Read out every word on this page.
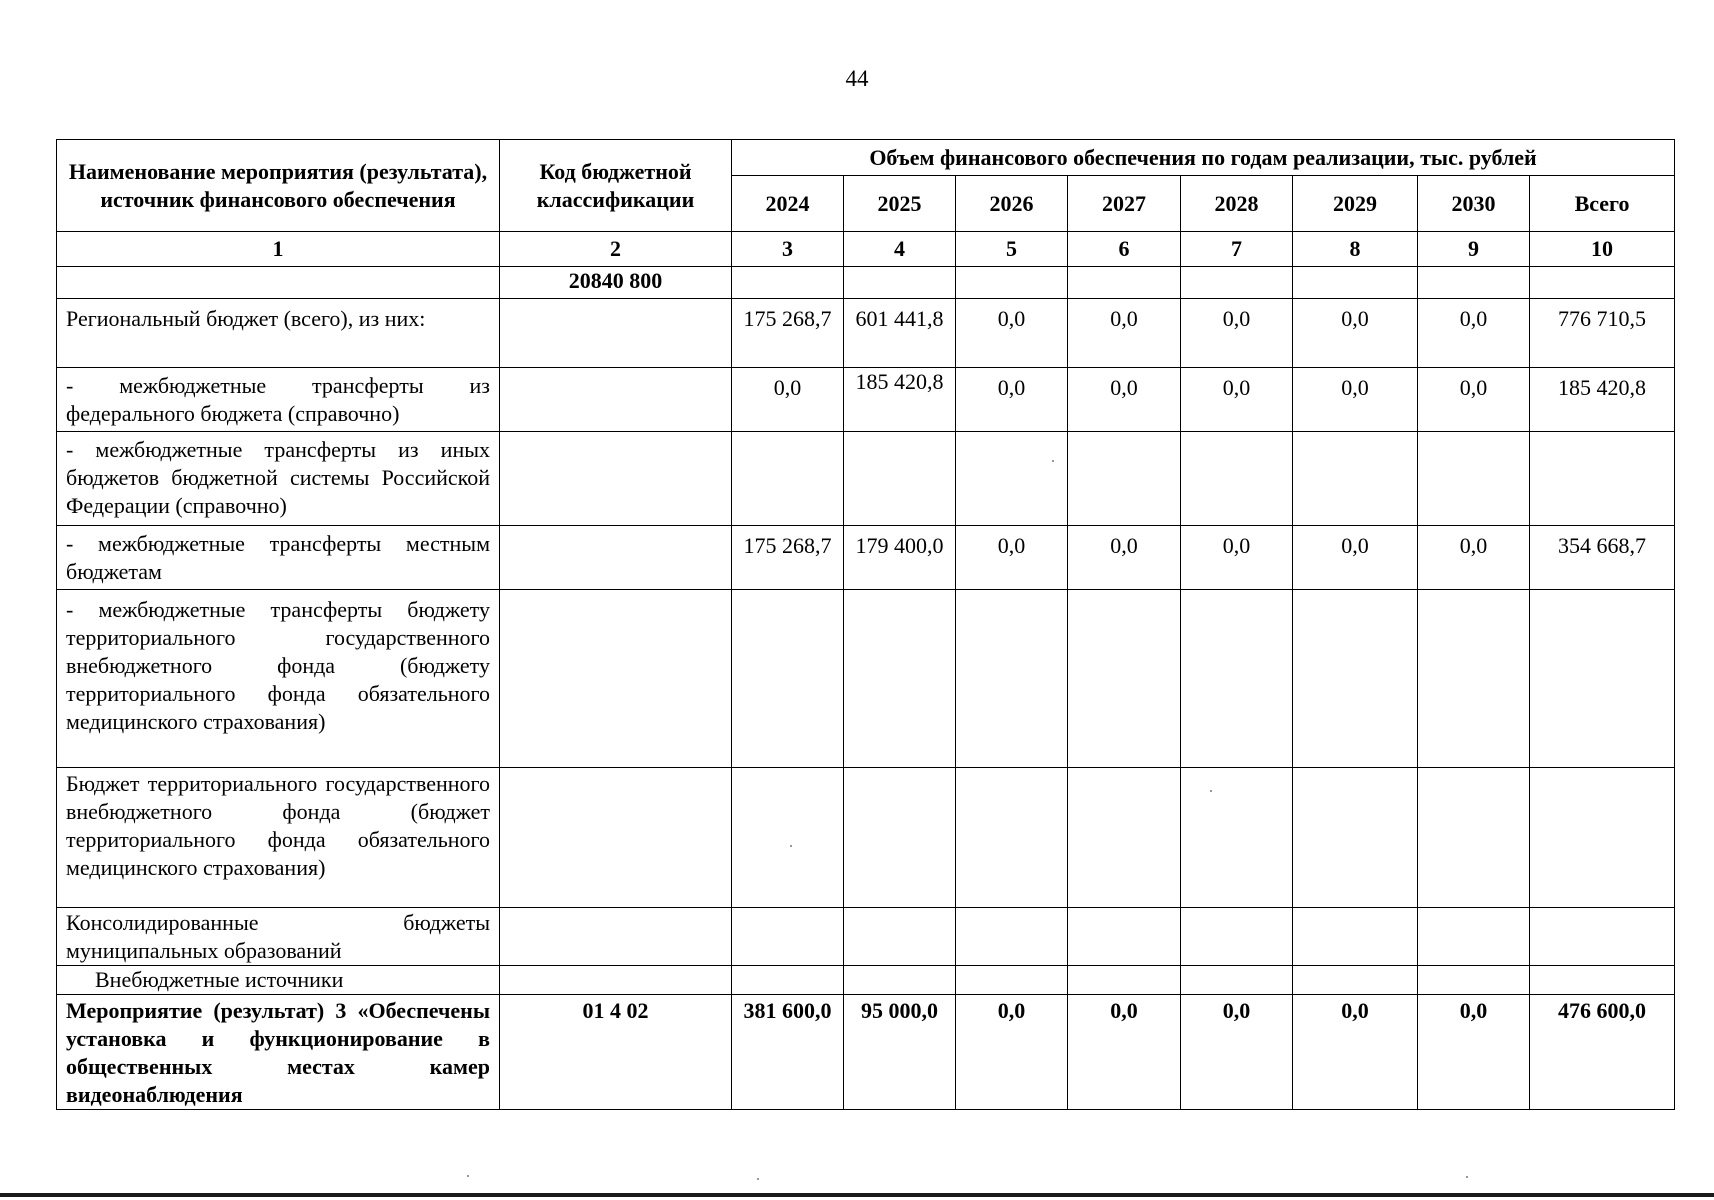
44
Наименование мероприятия (результата), источник финансового обеспечения	Код бюджетной классификации	Объем финансового обеспечения по годам реализации, тыс. рублей							
		2024	2025	2026	2027	2028	2029	2030	Всего
1	2	3	4	5	6	7	8	9	10
	20840 800								
Региональный бюджет (всего), из них:		175 268,7	601 441,8	0,0	0,0	0,0	0,0	0,0	776 710,5
- межбюджетные трансферты из федерального бюджета (справочно)		0,0	185 420,8	0,0	0,0	0,0	0,0	0,0	185 420,8
- межбюджетные трансферты из иных бюджетов бюджетной системы Российской Федерации (справочно)									
- межбюджетные трансферты местным бюджетам		175 268,7	179 400,0	0,0	0,0	0,0	0,0	0,0	354 668,7
- межбюджетные трансферты бюджету территориального государственного внебюджетного фонда (бюджету территориального фонда обязательного медицинского страхования)									
Бюджет территориального государственного внебюджетного фонда (бюджет территориального фонда обязательного медицинского страхования)									
Консолидированные бюджеты муниципальных образований									
Внебюджетные источники									
Мероприятие (результат) 3 «Обеспечены установка и функционирование в общественных местах камер видеонаблюдения	01 4 02	381 600,0	95 000,0	0,0	0,0	0,0	0,0	0,0	476 600,0
